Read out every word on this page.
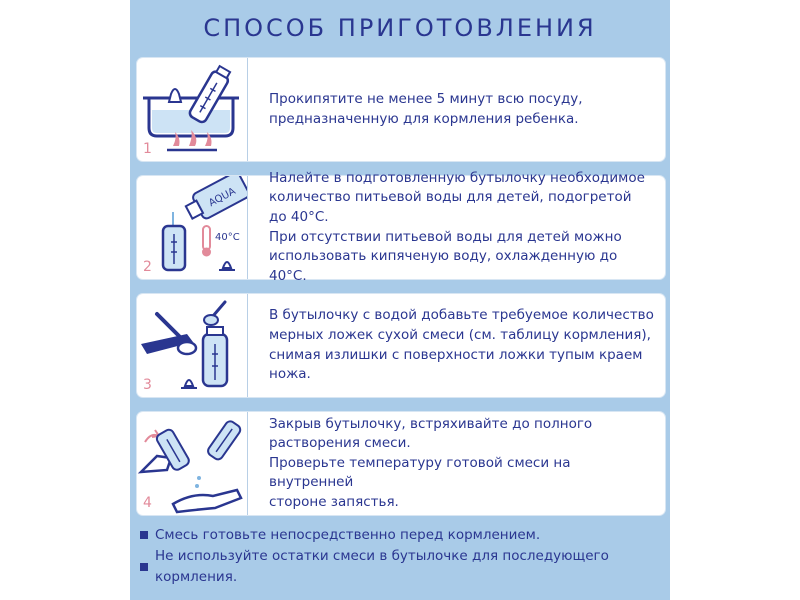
СПОСОБ ПРИГОТОВЛЕНИЯ
1
Прокипятите не менее 5 минут всю посуду,
предназначенную для кормления ребенка.
AQUA
40°С
2
Налейте в подготовленную бутылочку необходимое
количество питьевой воды для детей, подогретой
до 40°С.
При отсутствии питьевой воды для детей можно
использовать кипяченую воду, охлажденную до 40°С.
3
В бутылочку с водой добавьте требуемое количество
мерных ложек сухой смеси (см. таблицу кормления),
снимая излишки с поверхности ложки тупым краем ножа.
4
Закрыв бутылочку, встряхивайте до полного
растворения смеси.
Проверьте температуру готовой смеси на внутренней
стороне запястья.
Смесь готовьте непосредственно перед кормлением.
Не используйте остатки смеси в бутылочке для последующего кормления.
